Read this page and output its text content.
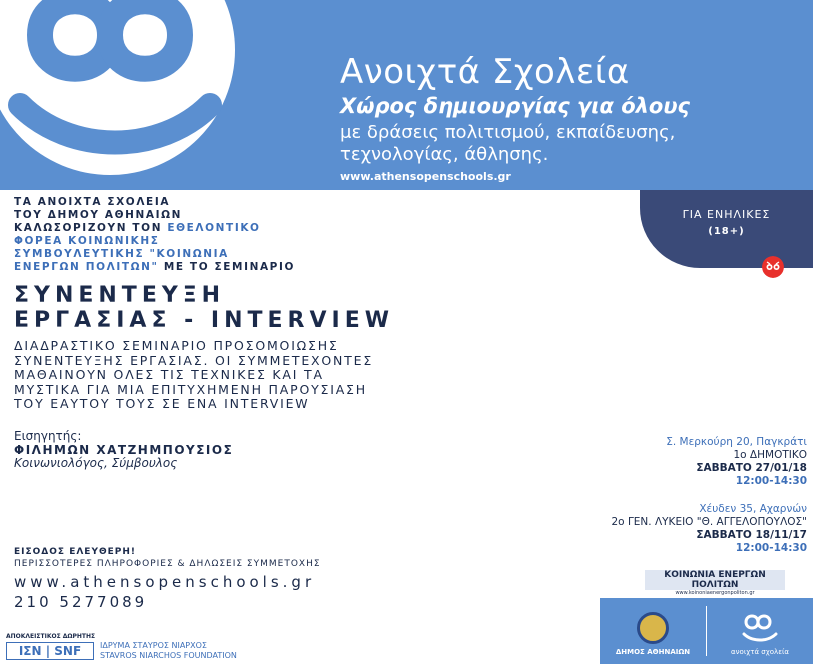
Ανοιχτά Σχολεία
Χώρος δημιουργίας για όλους
με δράσεις πολιτισμού, εκπαίδευσης,
τεχνολογίας, άθλησης.
www.athensopenschools.gr
ΓΙΑ ΕΝΗΛΙΚΕΣ
(18+)
ΤΑ ΑΝΟΙΧΤΑ ΣΧΟΛΕΙΑ
ΤΟΥ ΔΗΜΟΥ ΑΘΗΝΑΙΩΝ
ΚΑΛΩΣΟΡΙΖΟΥΝ ΤΟΝ ΕΘΕΛΟΝΤΙΚΟ
ΦΟΡΕΑ ΚΟΙΝΩΝΙΚΗΣ
ΣΥΜΒΟΥΛΕΥΤΙΚΗΣ "ΚΟΙΝΩΝΙΑ
ΕΝΕΡΓΩΝ ΠΟΛΙΤΩΝ" ΜΕ ΤΟ ΣΕΜΙΝΑΡΙΟ
ΣΥΝΕΝΤΕΥΞΗ
ΕΡΓΑΣΙΑΣ - INTERVIEW
ΔΙΑΔΡΑΣΤΙΚΟ ΣΕΜΙΝΑΡΙΟ ΠΡΟΣΟΜΟΙΩΣΗΣ
ΣΥΝΕΝΤΕΥΞΗΣ ΕΡΓΑΣΙΑΣ. ΟΙ ΣΥΜΜΕΤΕΧΟΝΤΕΣ
ΜΑΘΑΙΝΟΥΝ ΟΛΕΣ ΤΙΣ ΤΕΧΝΙΚΕΣ ΚΑΙ ΤΑ
ΜΥΣΤΙΚΑ ΓΙΑ ΜΙΑ ΕΠΙΤΥΧΗΜΕΝΗ ΠΑΡΟΥΣΙΑΣΗ
ΤΟΥ ΕΑΥΤΟΥ ΤΟΥΣ ΣΕ ΕΝΑ INTERVIEW
Εισηγητής:
ΦΙΛΗΜΩΝ ΧΑΤΖΗΜΠΟΥΣΙΟΣ
Κοινωνιολόγος, Σύμβουλος
Σ. Μερκούρη 20, Παγκράτι
1ο ΔΗΜΟΤΙΚΟ
ΣΑΒΒΑΤΟ 27/01/18
12:00-14:30
Χέυδεν 35, Αχαρνών
2ο ΓΕΝ. ΛΥΚΕΙΟ "Θ. ΑΓΓΕΛΟΠΟΥΛΟΣ"
ΣΑΒΒΑΤΟ 18/11/17
12:00-14:30
ΕΙΣΟΔΟΣ ΕΛΕΥΘΕΡΗ!
ΠΕΡΙΣΣΟΤΕΡΕΣ ΠΛΗΡΟΦΟΡΙΕΣ & ΔΗΛΩΣΕΙΣ ΣΥΜΜΕΤΟΧΗΣ
www.athensopenschools.gr
210 5277089
ΚΟΙΝΩΝΙΑ ΕΝΕΡΓΩΝ ΠΟΛΙΤΩΝ
www.koinoniaenergonpoliton.gr
ΑΠΟΚΛΕΙΣΤΙΚΟΣ ΔΩΡΗΤΗΣ
ΙΣΝ | SNF	ΙΔΡΥΜΑ ΣΤΑΥΡΟΣ ΝΙΑΡΧΟΣ
STAVROS NIARCHOS FOUNDATION	ΔΗΜΟΣ ΑΘΗΝΑΙΩΝ	ανοιχτά σχολεία
